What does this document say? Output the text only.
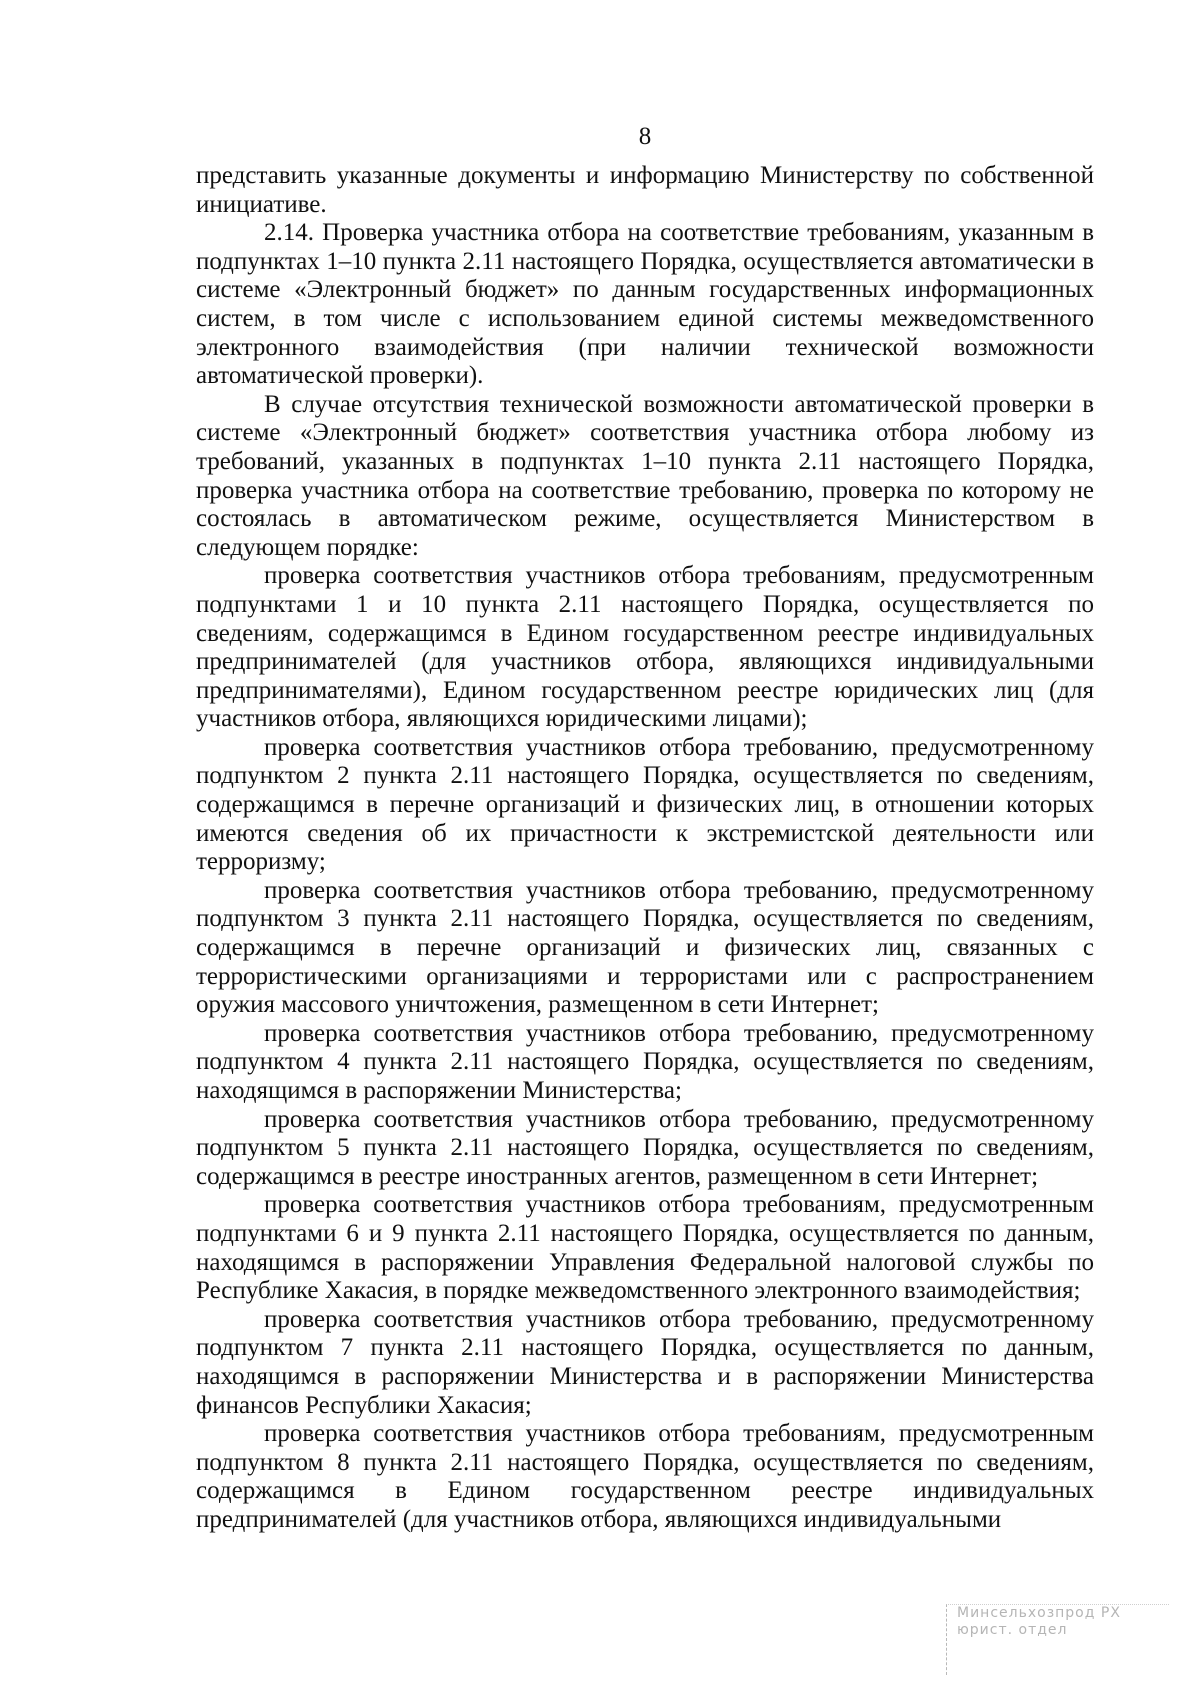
8

представить указанные документы и информацию Министерству по собственной инициативе.

2.14. Проверка участника отбора на соответствие требованиям, указанным в подпунктах 1–10 пункта 2.11 настоящего Порядка, осуществляется автоматически в системе «Электронный бюджет» по данным государственных информационных систем, в том числе с использованием единой системы межведомственного электронного взаимодействия (при наличии технической возможности автоматической проверки).

В случае отсутствия технической возможности автоматической проверки в системе «Электронный бюджет» соответствия участника отбора любому из требований, указанных в подпунктах 1–10 пункта 2.11 настоящего Порядка, проверка участника отбора на соответствие требованию, проверка по которому не состоялась в автоматическом режиме, осуществляется Министерством в следующем порядке:

проверка соответствия участников отбора требованиям, предусмотренным подпунктами 1 и 10 пункта 2.11 настоящего Порядка, осуществляется по сведениям, содержащимся в Едином государственном реестре индивидуальных предпринимателей (для участников отбора, являющихся индивидуальными предпринимателями), Едином государственном реестре юридических лиц (для участников отбора, являющихся юридическими лицами);

проверка соответствия участников отбора требованию, предусмотренному подпунктом 2 пункта 2.11 настоящего Порядка, осуществляется по сведениям, содержащимся в перечне организаций и физических лиц, в отношении которых имеются сведения об их причастности к экстремистской деятельности или терроризму;

проверка соответствия участников отбора требованию, предусмотренному подпунктом 3 пункта 2.11 настоящего Порядка, осуществляется по сведениям, содержащимся в перечне организаций и физических лиц, связанных с террористическими организациями и террористами или с распространением оружия массового уничтожения, размещенном в сети Интернет;

проверка соответствия участников отбора требованию, предусмотренному подпунктом 4 пункта 2.11 настоящего Порядка, осуществляется по сведениям, находящимся в распоряжении Министерства;

проверка соответствия участников отбора требованию, предусмотренному подпунктом 5 пункта 2.11 настоящего Порядка, осуществляется по сведениям, содержащимся в реестре иностранных агентов, размещенном в сети Интернет;

проверка соответствия участников отбора требованиям, предусмотренным подпунктами 6 и 9 пункта 2.11 настоящего Порядка, осуществляется по данным, находящимся в распоряжении Управления Федеральной налоговой службы по Республике Хакасия, в порядке межведомственного электронного взаимодействия;

проверка соответствия участников отбора требованию, предусмотренному подпунктом 7 пункта 2.11 настоящего Порядка, осуществляется по данным, находящимся в распоряжении Министерства и в распоряжении Министерства финансов Республики Хакасия;

проверка соответствия участников отбора требованиям, предусмотренным подпунктом 8 пункта 2.11 настоящего Порядка, осуществляется по сведениям, содержащимся в Едином государственном реестре индивидуальных предпринимателей (для участников отбора, являющихся индивидуальными

Минсельхозпрод РХ
юрист. отдел
